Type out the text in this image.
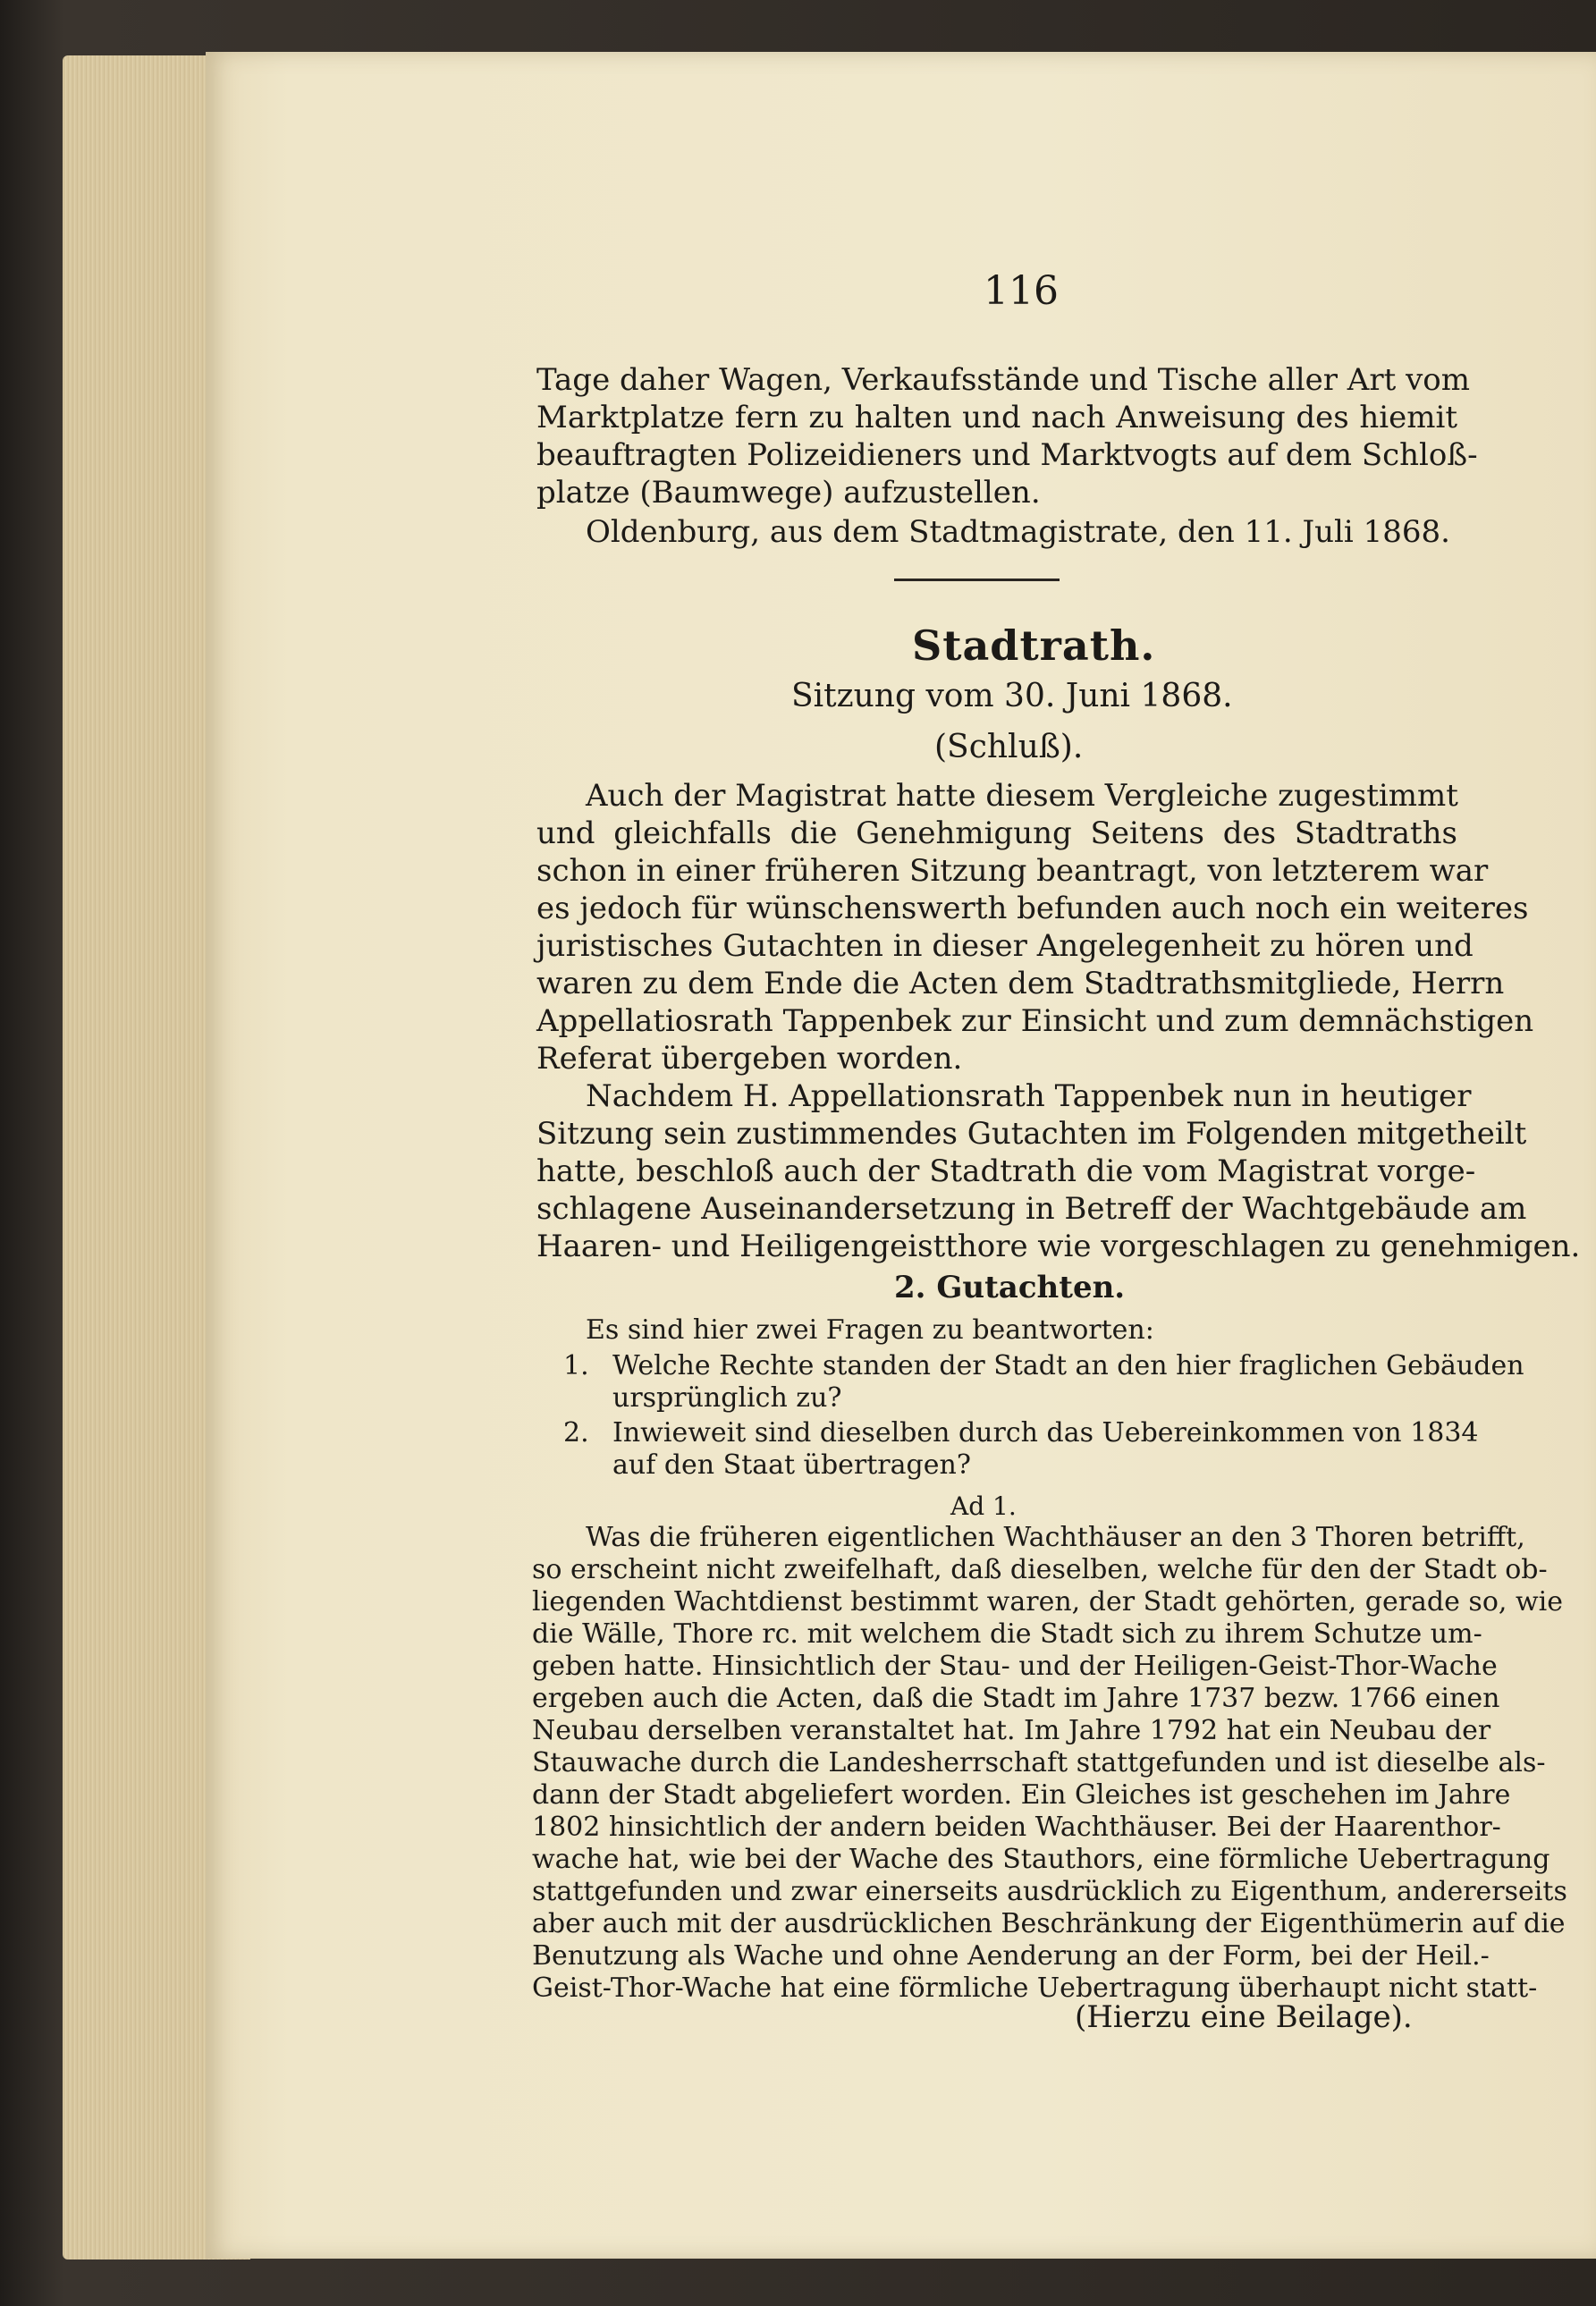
116
Tage daher Wagen, Verkaufsstände und Tische aller Art vom
Marktplatze fern zu halten und nach Anweisung des hiemit
beauftragten Polizeidieners und Marktvogts auf dem Schloß-
platze (Baumwege) aufzustellen.
Oldenburg, aus dem Stadtmagistrate, den 11. Juli 1868.
Stadtrath.
Sitzung vom 30. Juni 1868.
(Schluß).
Auch der Magistrat hatte diesem Vergleiche zugestimmt
und gleichfalls die Genehmigung Seitens des Stadtraths
schon in einer früheren Sitzung beantragt, von letzterem war
es jedoch für wünschenswerth befunden auch noch ein weiteres
juristisches Gutachten in dieser Angelegenheit zu hören und
waren zu dem Ende die Acten dem Stadtrathsmitgliede, Herrn
Appellatiosrath Tappenbek zur Einsicht und zum demnächstigen
Referat übergeben worden.
Nachdem H. Appellationsrath Tappenbek nun in heutiger
Sitzung sein zustimmendes Gutachten im Folgenden mitgetheilt
hatte, beschloß auch der Stadtrath die vom Magistrat vorge-
schlagene Auseinandersetzung in Betreff der Wachtgebäude am
Haaren- und Heiligengeistthore wie vorgeschlagen zu genehmigen.
2. Gutachten.
Es sind hier zwei Fragen zu beantworten:
1. Welche Rechte standen der Stadt an den hier fraglichen Gebäuden
ursprünglich zu?
2. Inwieweit sind dieselben durch das Uebereinkommen von 1834
auf den Staat übertragen?
Ad 1.
Was die früheren eigentlichen Wachthäuser an den 3 Thoren betrifft,
so erscheint nicht zweifelhaft, daß dieselben, welche für den der Stadt ob-
liegenden Wachtdienst bestimmt waren, der Stadt gehörten, gerade so, wie
die Wälle, Thore rc. mit welchem die Stadt sich zu ihrem Schutze um-
geben hatte. Hinsichtlich der Stau- und der Heiligen-Geist-Thor-Wache
ergeben auch die Acten, daß die Stadt im Jahre 1737 bezw. 1766 einen
Neubau derselben veranstaltet hat. Im Jahre 1792 hat ein Neubau der
Stauwache durch die Landesherrschaft stattgefunden und ist dieselbe als-
dann der Stadt abgeliefert worden. Ein Gleiches ist geschehen im Jahre
1802 hinsichtlich der andern beiden Wachthäuser. Bei der Haarenthor-
wache hat, wie bei der Wache des Stauthors, eine förmliche Uebertragung
stattgefunden und zwar einerseits ausdrücklich zu Eigenthum, andererseits
aber auch mit der ausdrücklichen Beschränkung der Eigenthümerin auf die
Benutzung als Wache und ohne Aenderung an der Form, bei der Heil.-
Geist-Thor-Wache hat eine förmliche Uebertragung überhaupt nicht statt-
(Hierzu eine Beilage).
